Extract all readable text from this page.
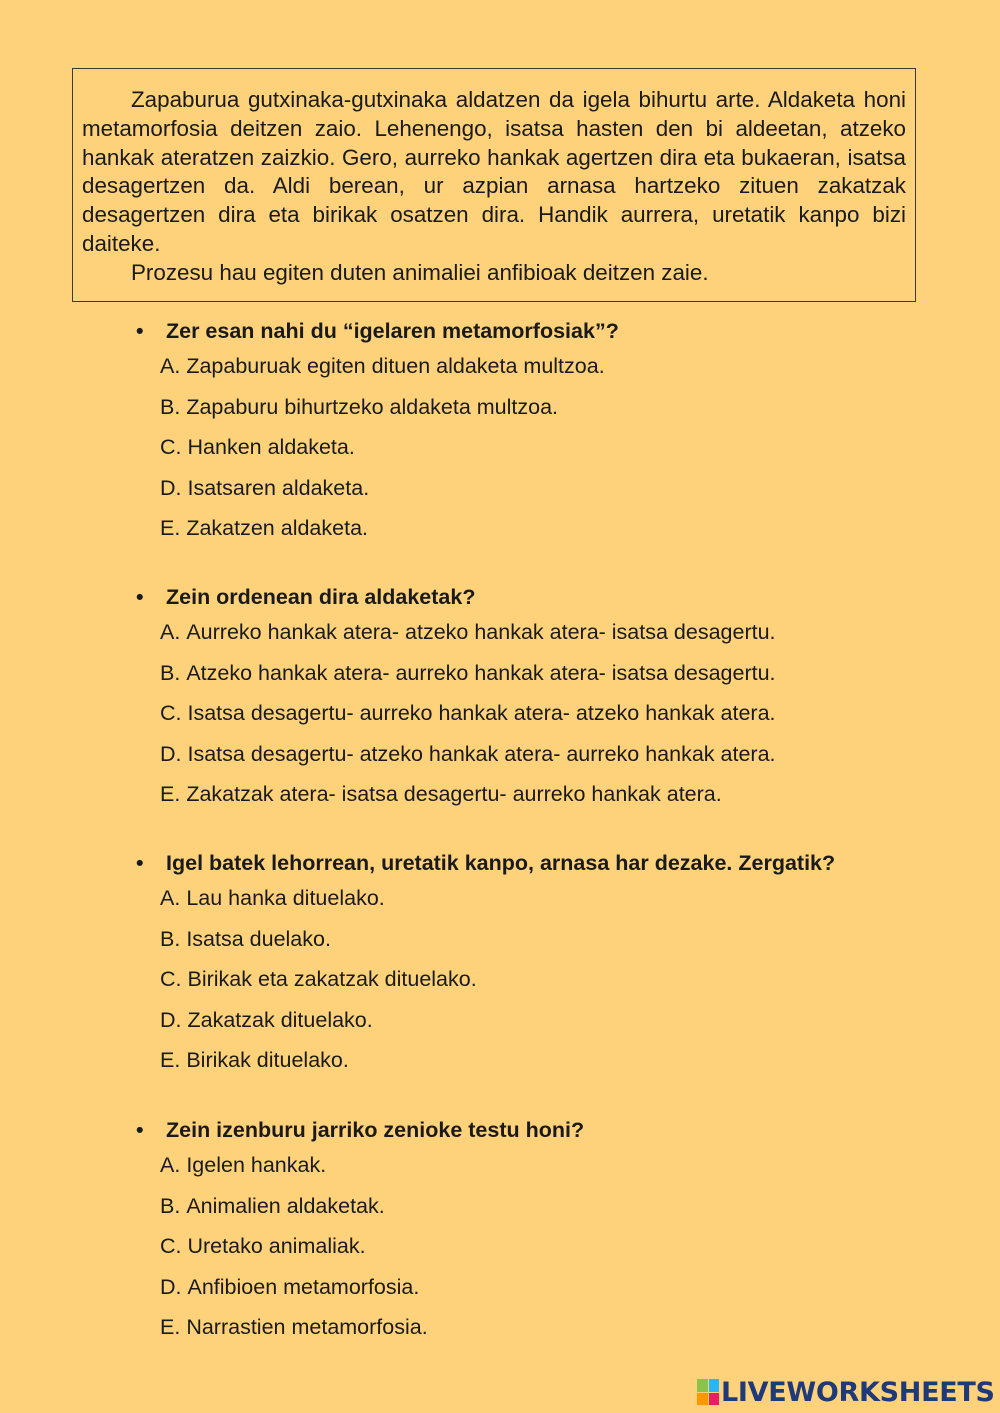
Zapaburua gutxinaka-gutxinaka aldatzen da igela bihurtu arte. Aldaketa honi metamorfosia deitzen zaio. Lehenengo, isatsa hasten den bi aldeetan, atzeko hankak ateratzen zaizkio. Gero, aurreko hankak agertzen dira eta bukaeran, isatsa desagertzen da. Aldi berean, ur azpian arnasa hartzeko zituen zakatzak desagertzen dira eta birikak osatzen dira. Handik aurrera, uretatik kanpo bizi daiteke.

Prozesu hau egiten duten animaliei anfibioak deitzen zaie.

• Zer esan nahi du “igelaren metamorfosiak”?
A. Zapaburuak egiten dituen aldaketa multzoa.
B. Zapaburu bihurtzeko aldaketa multzoa.
C. Hanken aldaketa.
D. Isatsaren aldaketa.
E. Zakatzen aldaketa.
• Zein ordenean dira aldaketak?
A. Aurreko hankak atera- atzeko hankak atera- isatsa desagertu.
B. Atzeko hankak atera- aurreko hankak atera- isatsa desagertu.
C. Isatsa desagertu- aurreko hankak atera- atzeko hankak atera.
D. Isatsa desagertu- atzeko hankak atera- aurreko hankak atera.
E. Zakatzak atera- isatsa desagertu- aurreko hankak atera.
• Igel batek lehorrean, uretatik kanpo, arnasa har dezake. Zergatik?
A. Lau hanka dituelako.
B. Isatsa duelako.
C. Birikak eta zakatzak dituelako.
D. Zakatzak dituelako.
E. Birikak dituelako.
• Zein izenburu jarriko zenioke testu honi?
A. Igelen hankak.
B. Animalien aldaketak.
C. Uretako animaliak.
D. Anfibioen metamorfosia.
E. Narrastien metamorfosia.
LIVEWORKSHEETS
